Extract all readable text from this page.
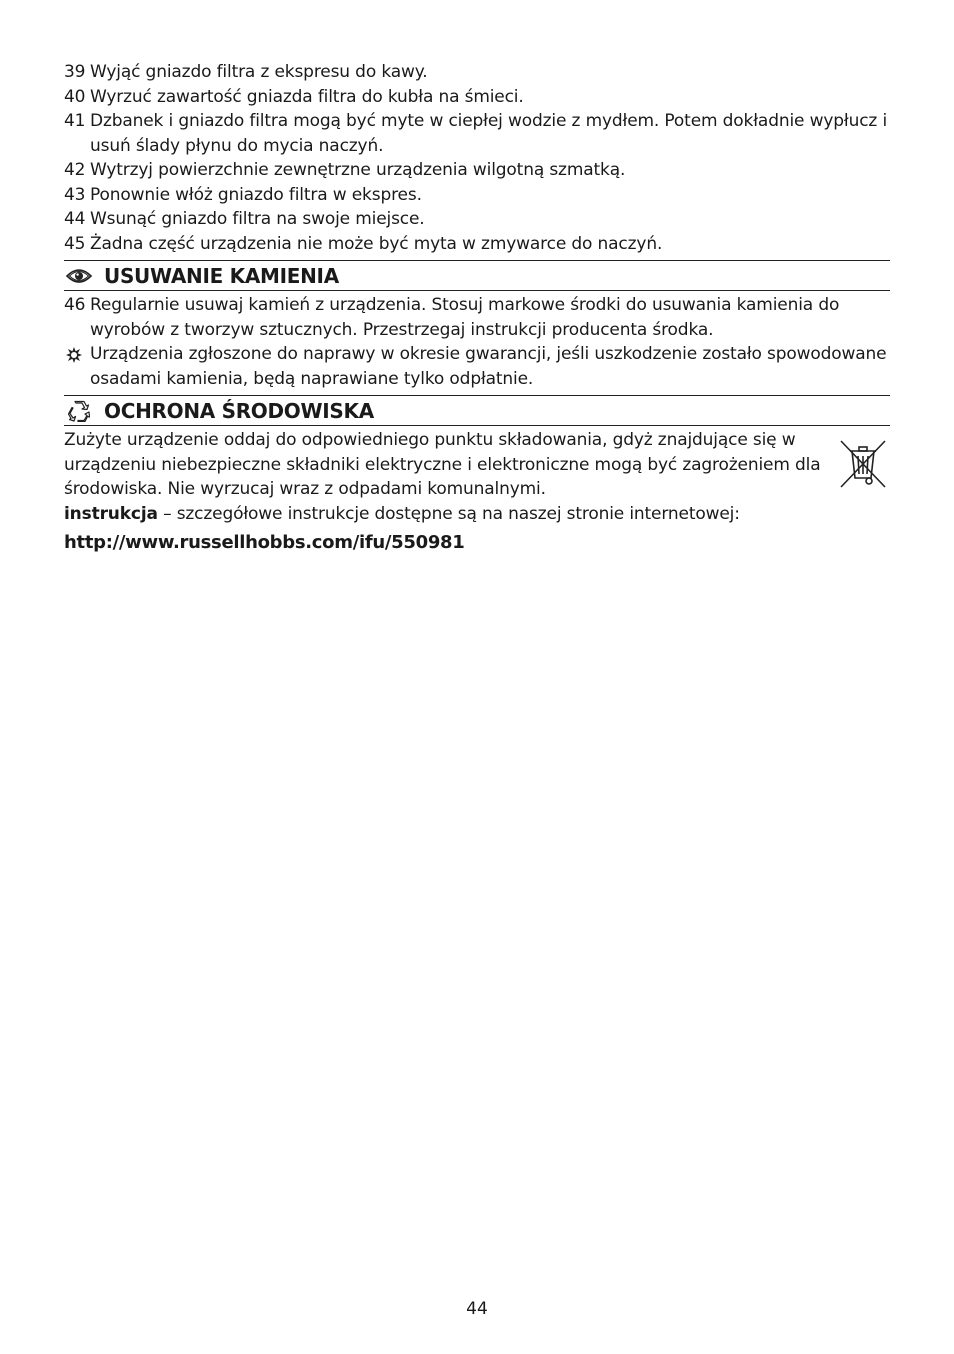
39 Wyjąć gniazdo filtra z ekspresu do kawy.
40 Wyrzuć zawartość gniazda filtra do kubła na śmieci.
41 Dzbanek i gniazdo filtra mogą być myte w ciepłej wodzie z mydłem. Potem dokładnie wypłucz i usuń ślady płynu do mycia naczyń.
42 Wytrzyj powierzchnie zewnętrzne urządzenia wilgotną szmatką.
43 Ponownie włóż gniazdo filtra w ekspres.
44 Wsunąć gniazdo filtra na swoje miejsce.
45 Żadna część urządzenia nie może być myta w zmywarce do naczyń.
USUWANIE KAMIENIA
46 Regularnie usuwaj kamień z urządzenia. Stosuj markowe środki do usuwania kamienia do wyrobów z tworzyw sztucznych. Przestrzegaj instrukcji producenta środka.
Urządzenia zgłoszone do naprawy w okresie gwarancji, jeśli uszkodzenie zostało spowodowane osadami kamienia, będą naprawiane tylko odpłatnie.
OCHRONA ŚRODOWISKA
Zużyte urządzenie oddaj do odpowiedniego punktu składowania, gdyż znajdujące się w urządzeniu niebezpieczne składniki elektryczne i elektroniczne mogą być zagrożeniem dla środowiska. Nie wyrzucaj wraz z odpadami komunalnymi.
instrukcja – szczegółowe instrukcje dostępne są na naszej stronie internetowej:
http://www.russellhobbs.com/ifu/550981
44
